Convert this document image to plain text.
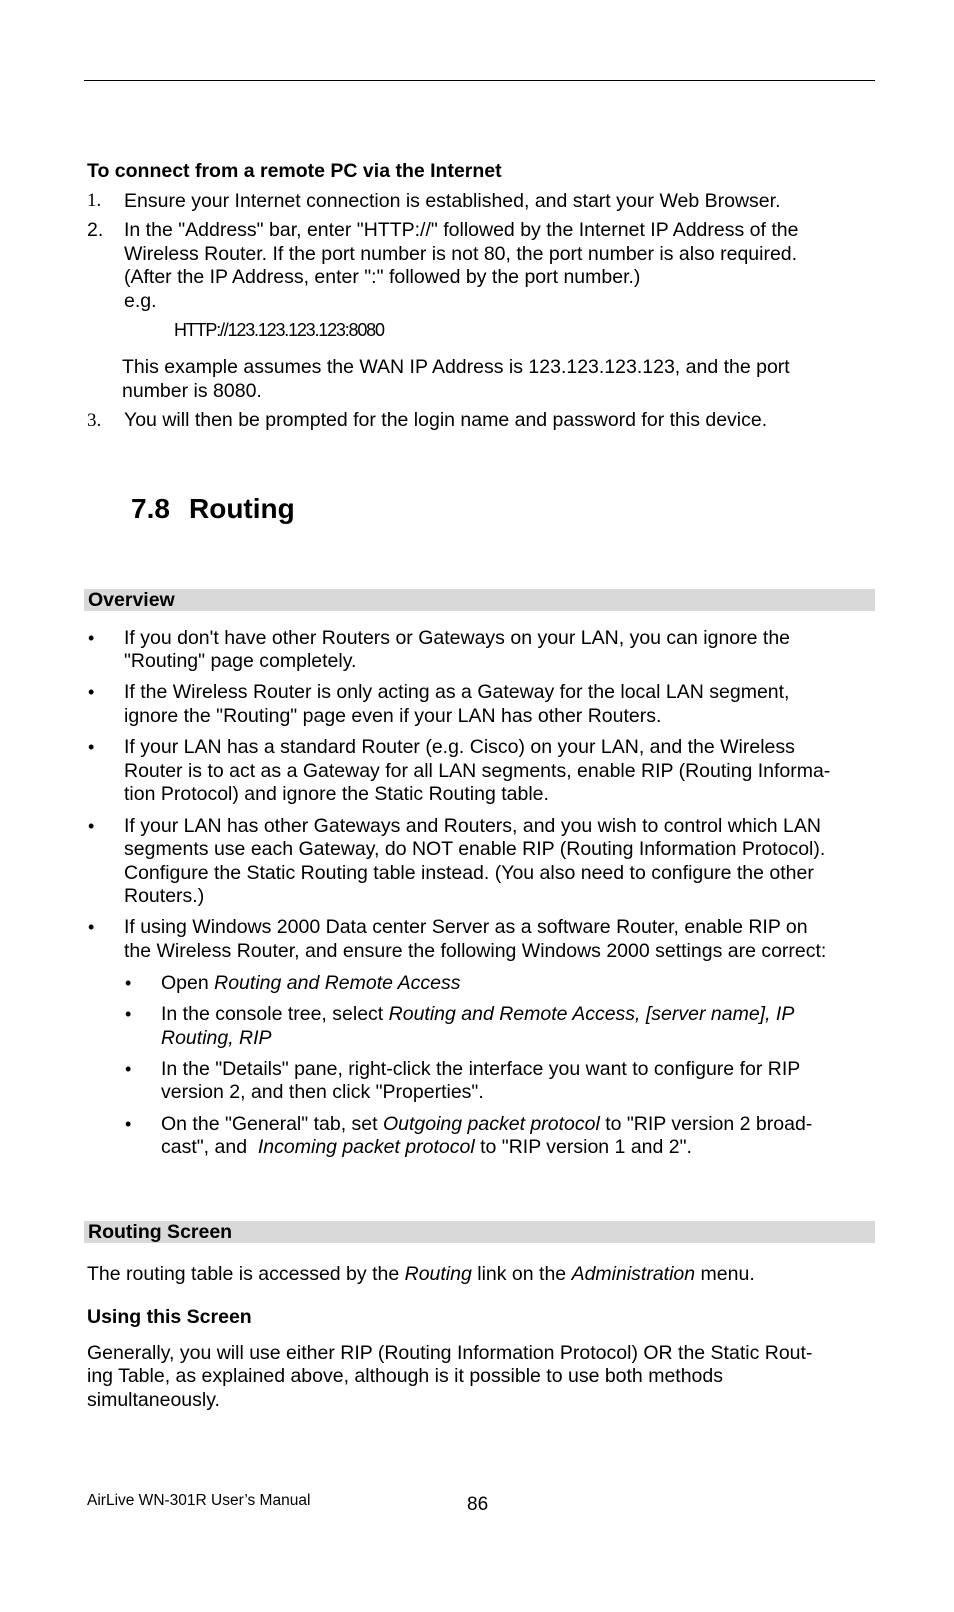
To connect from a remote PC via the Internet
1. Ensure your Internet connection is established, and start your Web Browser.
2. In the "Address" bar, enter "HTTP://" followed by the Internet IP Address of the
Wireless Router. If the port number is not 80, the port number is also required.
(After the IP Address, enter ":" followed by the port number.)
e.g.
HTTP://123.123.123.123:8080
This example assumes the WAN IP Address is 123.123.123.123, and the port
number is 8080.
3. You will then be prompted for the login name and password for this device.
7.8 Routing
Overview
• If you don't have other Routers or Gateways on your LAN, you can ignore the
"Routing" page completely.
• If the Wireless Router is only acting as a Gateway for the local LAN segment,
ignore the "Routing" page even if your LAN has other Routers.
• If your LAN has a standard Router (e.g. Cisco) on your LAN, and the Wireless
Router is to act as a Gateway for all LAN segments, enable RIP (Routing Informa-
tion Protocol) and ignore the Static Routing table.
• If your LAN has other Gateways and Routers, and you wish to control which LAN
segments use each Gateway, do NOT enable RIP (Routing Information Protocol).
Configure the Static Routing table instead. (You also need to configure the other
Routers.)
• If using Windows 2000 Data center Server as a software Router, enable RIP on
the Wireless Router, and ensure the following Windows 2000 settings are correct:
• Open Routing and Remote Access
• In the console tree, select Routing and Remote Access, [server name], IP
Routing, RIP
• In the "Details" pane, right-click the interface you want to configure for RIP
version 2, and then click "Properties".
• On the "General" tab, set Outgoing packet protocol to "RIP version 2 broad-
cast", and  Incoming packet protocol to "RIP version 1 and 2".
Routing Screen
The routing table is accessed by the Routing link on the Administration menu.
Using this Screen
Generally, you will use either RIP (Routing Information Protocol) OR the Static Rout-
ing Table, as explained above, although is it possible to use both methods
simultaneously.
AirLive WN-301R User’s Manual	86
